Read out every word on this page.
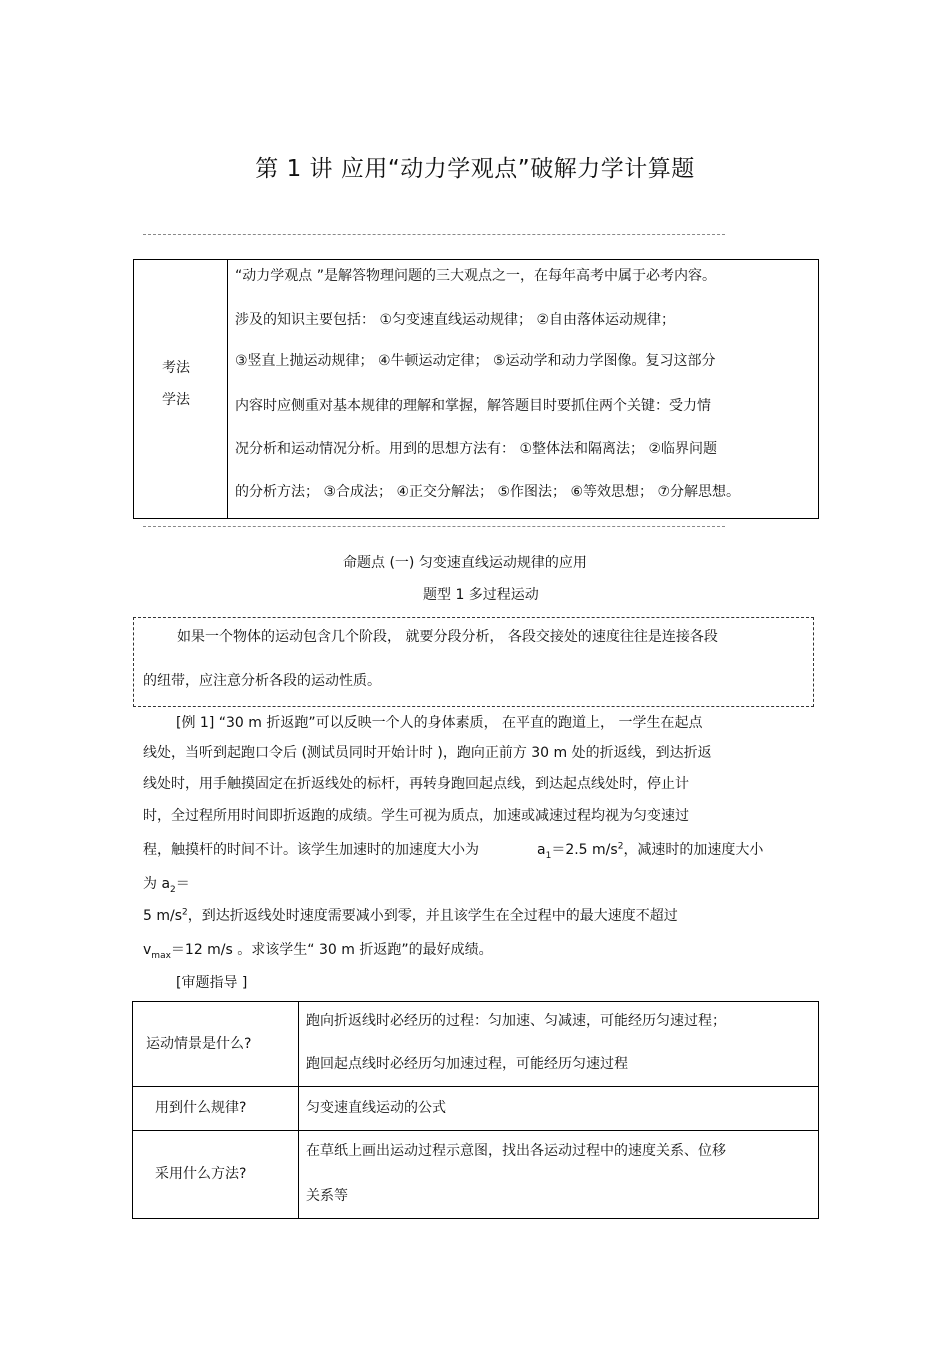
第 1 讲 应用“动力学观点”破解力学计算题
考法
学法
“动力学观点 ”是解答物理问题的三大观点之一，在每年高考中属于必考内容。
涉及的知识主要包括： ①匀变速直线运动规律； ②自由落体运动规律；
③竖直上抛运动规律； ④牛顿运动定律； ⑤运动学和动力学图像。复习这部分
内容时应侧重对基本规律的理解和掌握，解答题目时要抓住两个关键：受力情
况分析和运动情况分析。用到的思想方法有： ①整体法和隔离法； ②临界问题
的分析方法； ③合成法； ④正交分解法； ⑤作图法； ⑥等效思想； ⑦分解思想。
命题点 (一) 匀变速直线运动规律的应用
题型 1 多过程运动
如果一个物体的运动包含几个阶段， 就要分段分析， 各段交接处的速度往往是连接各段
的纽带，应注意分析各段的运动性质。
[例 1] “30 m 折返跑”可以反映一个人的身体素质， 在平直的跑道上， 一学生在起点
线处，当听到起跑口令后 (测试员同时开始计时 )，跑向正前方 30 m 处的折返线，到达折返
线处时，用手触摸固定在折返线处的标杆，再转身跑回起点线，到达起点线处时，停止计
时，全过程所用时间即折返跑的成绩。学生可视为质点，加速或减速过程均视为匀变速过
程，触摸杆的时间不计。该学生加速时的加速度大小为	$a_1=2.5$ $m/s^2$，减速时的加速度大小
为 $a_2=$
5 $m/s^2$，到达折返线处时速度需要减小到零，并且该学生在全过程中的最大速度不超过
$v_{max}=12$ m/s 。求该学生“ 30 m 折返跑”的最好成绩。
[审题指导 ]
运动情景是什么?
跑向折返线时必经历的过程：匀加速、匀减速，可能经历匀速过程；
跑回起点线时必经历匀加速过程，可能经历匀速过程
用到什么规律?	匀变速直线运动的公式
采用什么方法?
在草纸上画出运动过程示意图，找出各运动过程中的速度关系、位移
关系等
